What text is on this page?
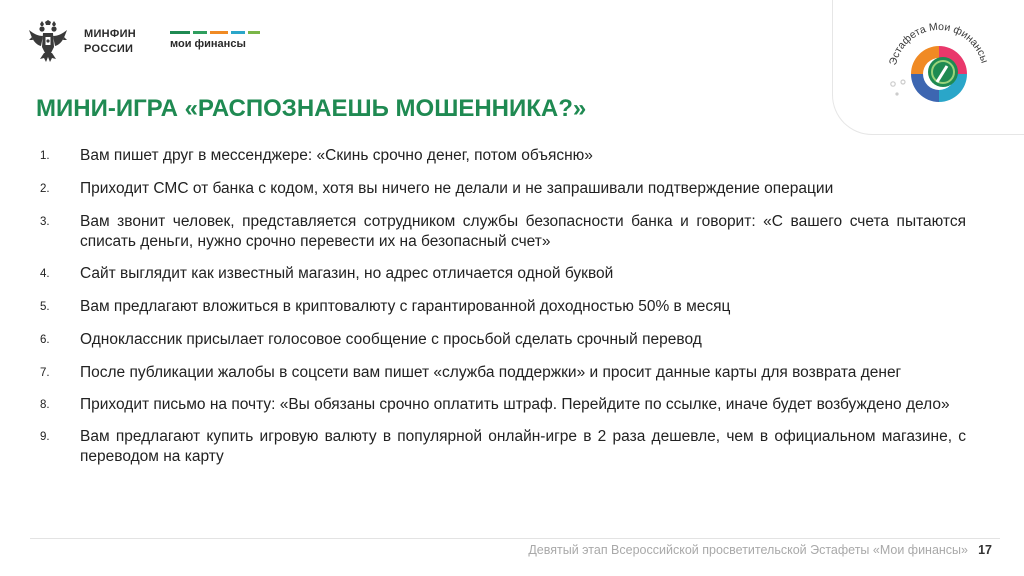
МИНФИН
РОССИИ	мои финансы
Эстафета Мои финансы
МИНИ-ИГРА «РАСПОЗНАЕШЬ МОШЕННИКА?»
1.	Вам пишет друг в мессенджере: «Скинь срочно денег, потом объясню»
2.	Приходит СМС от банка с кодом, хотя вы ничего не делали и не запрашивали подтверждение операции
3.	Вам звонит человек, представляется сотрудником службы безопасности банка и говорит: «С вашего счета пытаются списать деньги, нужно срочно перевести их на безопасный счет»
4.	Сайт выглядит как известный магазин, но адрес отличается одной буквой
5.	Вам предлагают вложиться в криптовалюту с гарантированной доходностью 50% в месяц
6.	Одноклассник присылает голосовое сообщение с просьбой сделать срочный перевод
7.	После публикации жалобы в соцсети вам пишет «служба поддержки» и просит данные карты для возврата денег
8.	Приходит письмо на почту: «Вы обязаны срочно оплатить штраф. Перейдите по ссылке, иначе будет возбуждено дело»
9.	Вам предлагают купить игровую валюту в популярной онлайн-игре в 2 раза дешевле, чем в официальном магазине, с переводом на карту
Девятый этап Всероссийской просветительской Эстафеты «Мои финансы» 17
